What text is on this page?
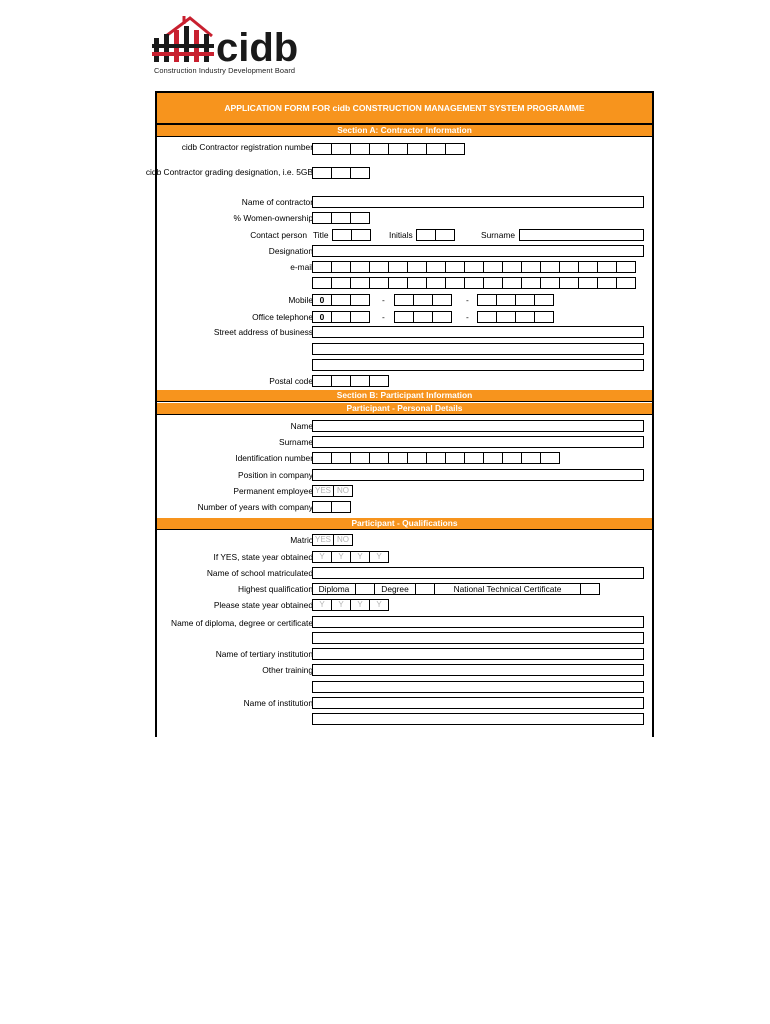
cidb
Construction Industry Development Board
APPLICATION FORM FOR cidb CONSTRUCTION MANAGEMENT SYSTEM PROGRAMME
Section A: Contractor Information
cidb Contractor registration number
cidb Contractor grading designation, i.e. 5GB
Name of contractor
% Women-ownership
Contact person Title	Initials	Surname
Designation
e-mail
Mobile 0	-	-
Office telephone 0	-	-
Street address of business
Postal code
Section B: Participant Information
Participant - Personal Details
Name
Surname
Identification number
Position in company
Permanent employee YES NO
Number of years with company
Participant - Qualifications
Matric YES NO
If YES, state year obtained Y	Y	Y	Y
Name of school matriculated
Highest qualification Diploma	Degree	National Technical Certificate
Please state year obtained Y	Y	Y	Y
Name of diploma, degree or certificate
Name of tertiary institution
Other training
Name of institution
